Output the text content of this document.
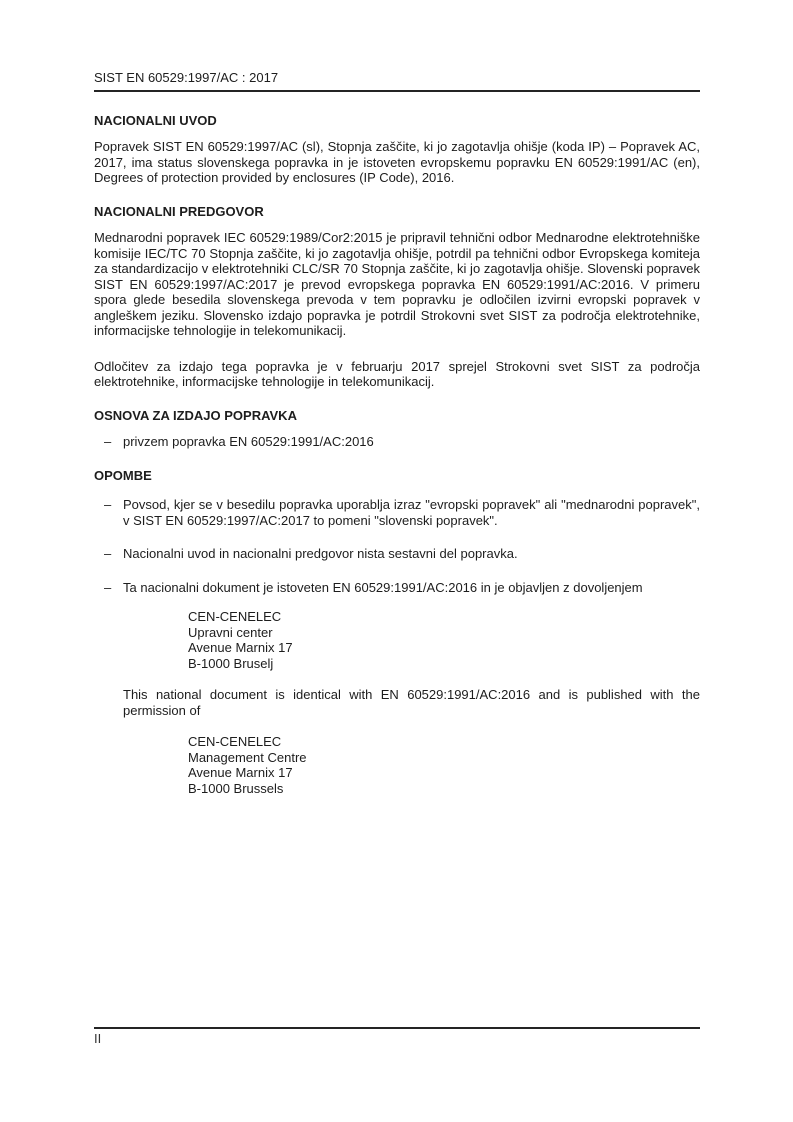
SIST EN 60529:1997/AC : 2017
NACIONALNI UVOD
Popravek SIST EN 60529:1997/AC (sl), Stopnja zaščite, ki jo zagotavlja ohišje (koda IP) – Popravek AC, 2017, ima status slovenskega popravka in je istoveten evropskemu popravku EN 60529:1991/AC (en), Degrees of protection provided by enclosures (IP Code), 2016.
NACIONALNI PREDGOVOR
Mednarodni popravek IEC 60529:1989/Cor2:2015 je pripravil tehnični odbor Mednarodne elektrotehniške komisije IEC/TC 70 Stopnja zaščite, ki jo zagotavlja ohišje, potrdil pa tehnični odbor Evropskega komiteja za standardizacijo v elektrotehniki CLC/SR 70 Stopnja zaščite, ki jo zagotavlja ohišje. Slovenski popravek SIST EN 60529:1997/AC:2017 je prevod evropskega popravka EN 60529:1991/AC:2016. V primeru spora glede besedila slovenskega prevoda v tem popravku je odločilen izvirni evropski popravek v angleškem jeziku. Slovensko izdajo popravka je potrdil Strokovni svet SIST za področja elektrotehnike, informacijske tehnologije in telekomunikacij.
Odločitev za izdajo tega popravka je v februarju 2017 sprejel Strokovni svet SIST za področja elektrotehnike, informacijske tehnologije in telekomunikacij.
OSNOVA ZA IZDAJO POPRAVKA
– privzem popravka EN 60529:1991/AC:2016
OPOMBE
– Povsod, kjer se v besedilu popravka uporablja izraz "evropski popravek" ali "mednarodni popravek", v SIST EN 60529:1997/AC:2017 to pomeni "slovenski popravek".
– Nacionalni uvod in nacionalni predgovor nista sestavni del popravka.
– Ta nacionalni dokument je istoveten EN 60529:1991/AC:2016 in je objavljen z dovoljenjem
CEN-CENELEC
Upravni center
Avenue Marnix 17
B-1000 Bruselj
This national document is identical with EN 60529:1991/AC:2016 and is published with the permission of
CEN-CENELEC
Management Centre
Avenue Marnix 17
B-1000 Brussels
II
